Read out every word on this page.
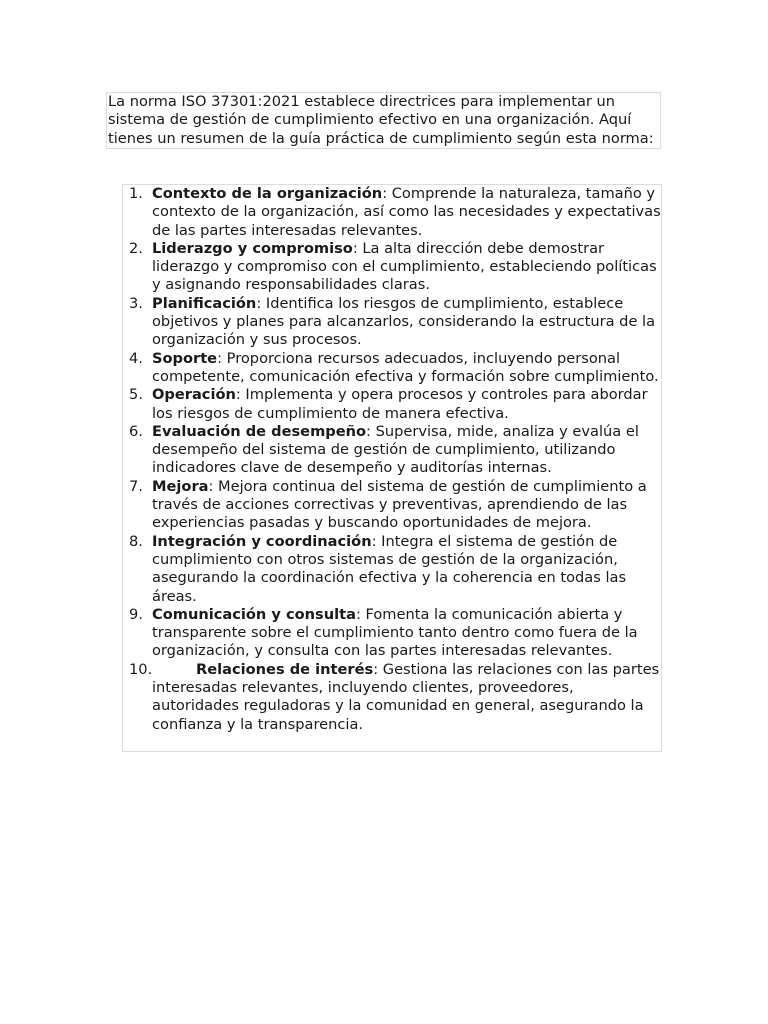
La norma ISO 37301:2021 establece directrices para implementar un sistema de gestión de cumplimiento efectivo en una organización. Aquí tienes un resumen de la guía práctica de cumplimiento según esta norma:
1. Contexto de la organización: Comprende la naturaleza, tamaño y contexto de la organización, así como las necesidades y expectativas de las partes interesadas relevantes.
2. Liderazgo y compromiso: La alta dirección debe demostrar liderazgo y compromiso con el cumplimiento, estableciendo políticas y asignando responsabilidades claras.
3. Planificación: Identifica los riesgos de cumplimiento, establece objetivos y planes para alcanzarlos, considerando la estructura de la organización y sus procesos.
4. Soporte: Proporciona recursos adecuados, incluyendo personal competente, comunicación efectiva y formación sobre cumplimiento.
5. Operación: Implementa y opera procesos y controles para abordar los riesgos de cumplimiento de manera efectiva.
6. Evaluación de desempeño: Supervisa, mide, analiza y evalúa el desempeño del sistema de gestión de cumplimiento, utilizando indicadores clave de desempeño y auditorías internas.
7. Mejora: Mejora continua del sistema de gestión de cumplimiento a través de acciones correctivas y preventivas, aprendiendo de las experiencias pasadas y buscando oportunidades de mejora.
8. Integración y coordinación: Integra el sistema de gestión de cumplimiento con otros sistemas de gestión de la organización, asegurando la coordinación efectiva y la coherencia en todas las áreas.
9. Comunicación y consulta: Fomenta la comunicación abierta y transparente sobre el cumplimiento tanto dentro como fuera de la organización, y consulta con las partes interesadas relevantes.
10.	Relaciones de interés: Gestiona las relaciones con las partes interesadas relevantes, incluyendo clientes, proveedores, autoridades reguladoras y la comunidad en general, asegurando la confianza y la transparencia.
